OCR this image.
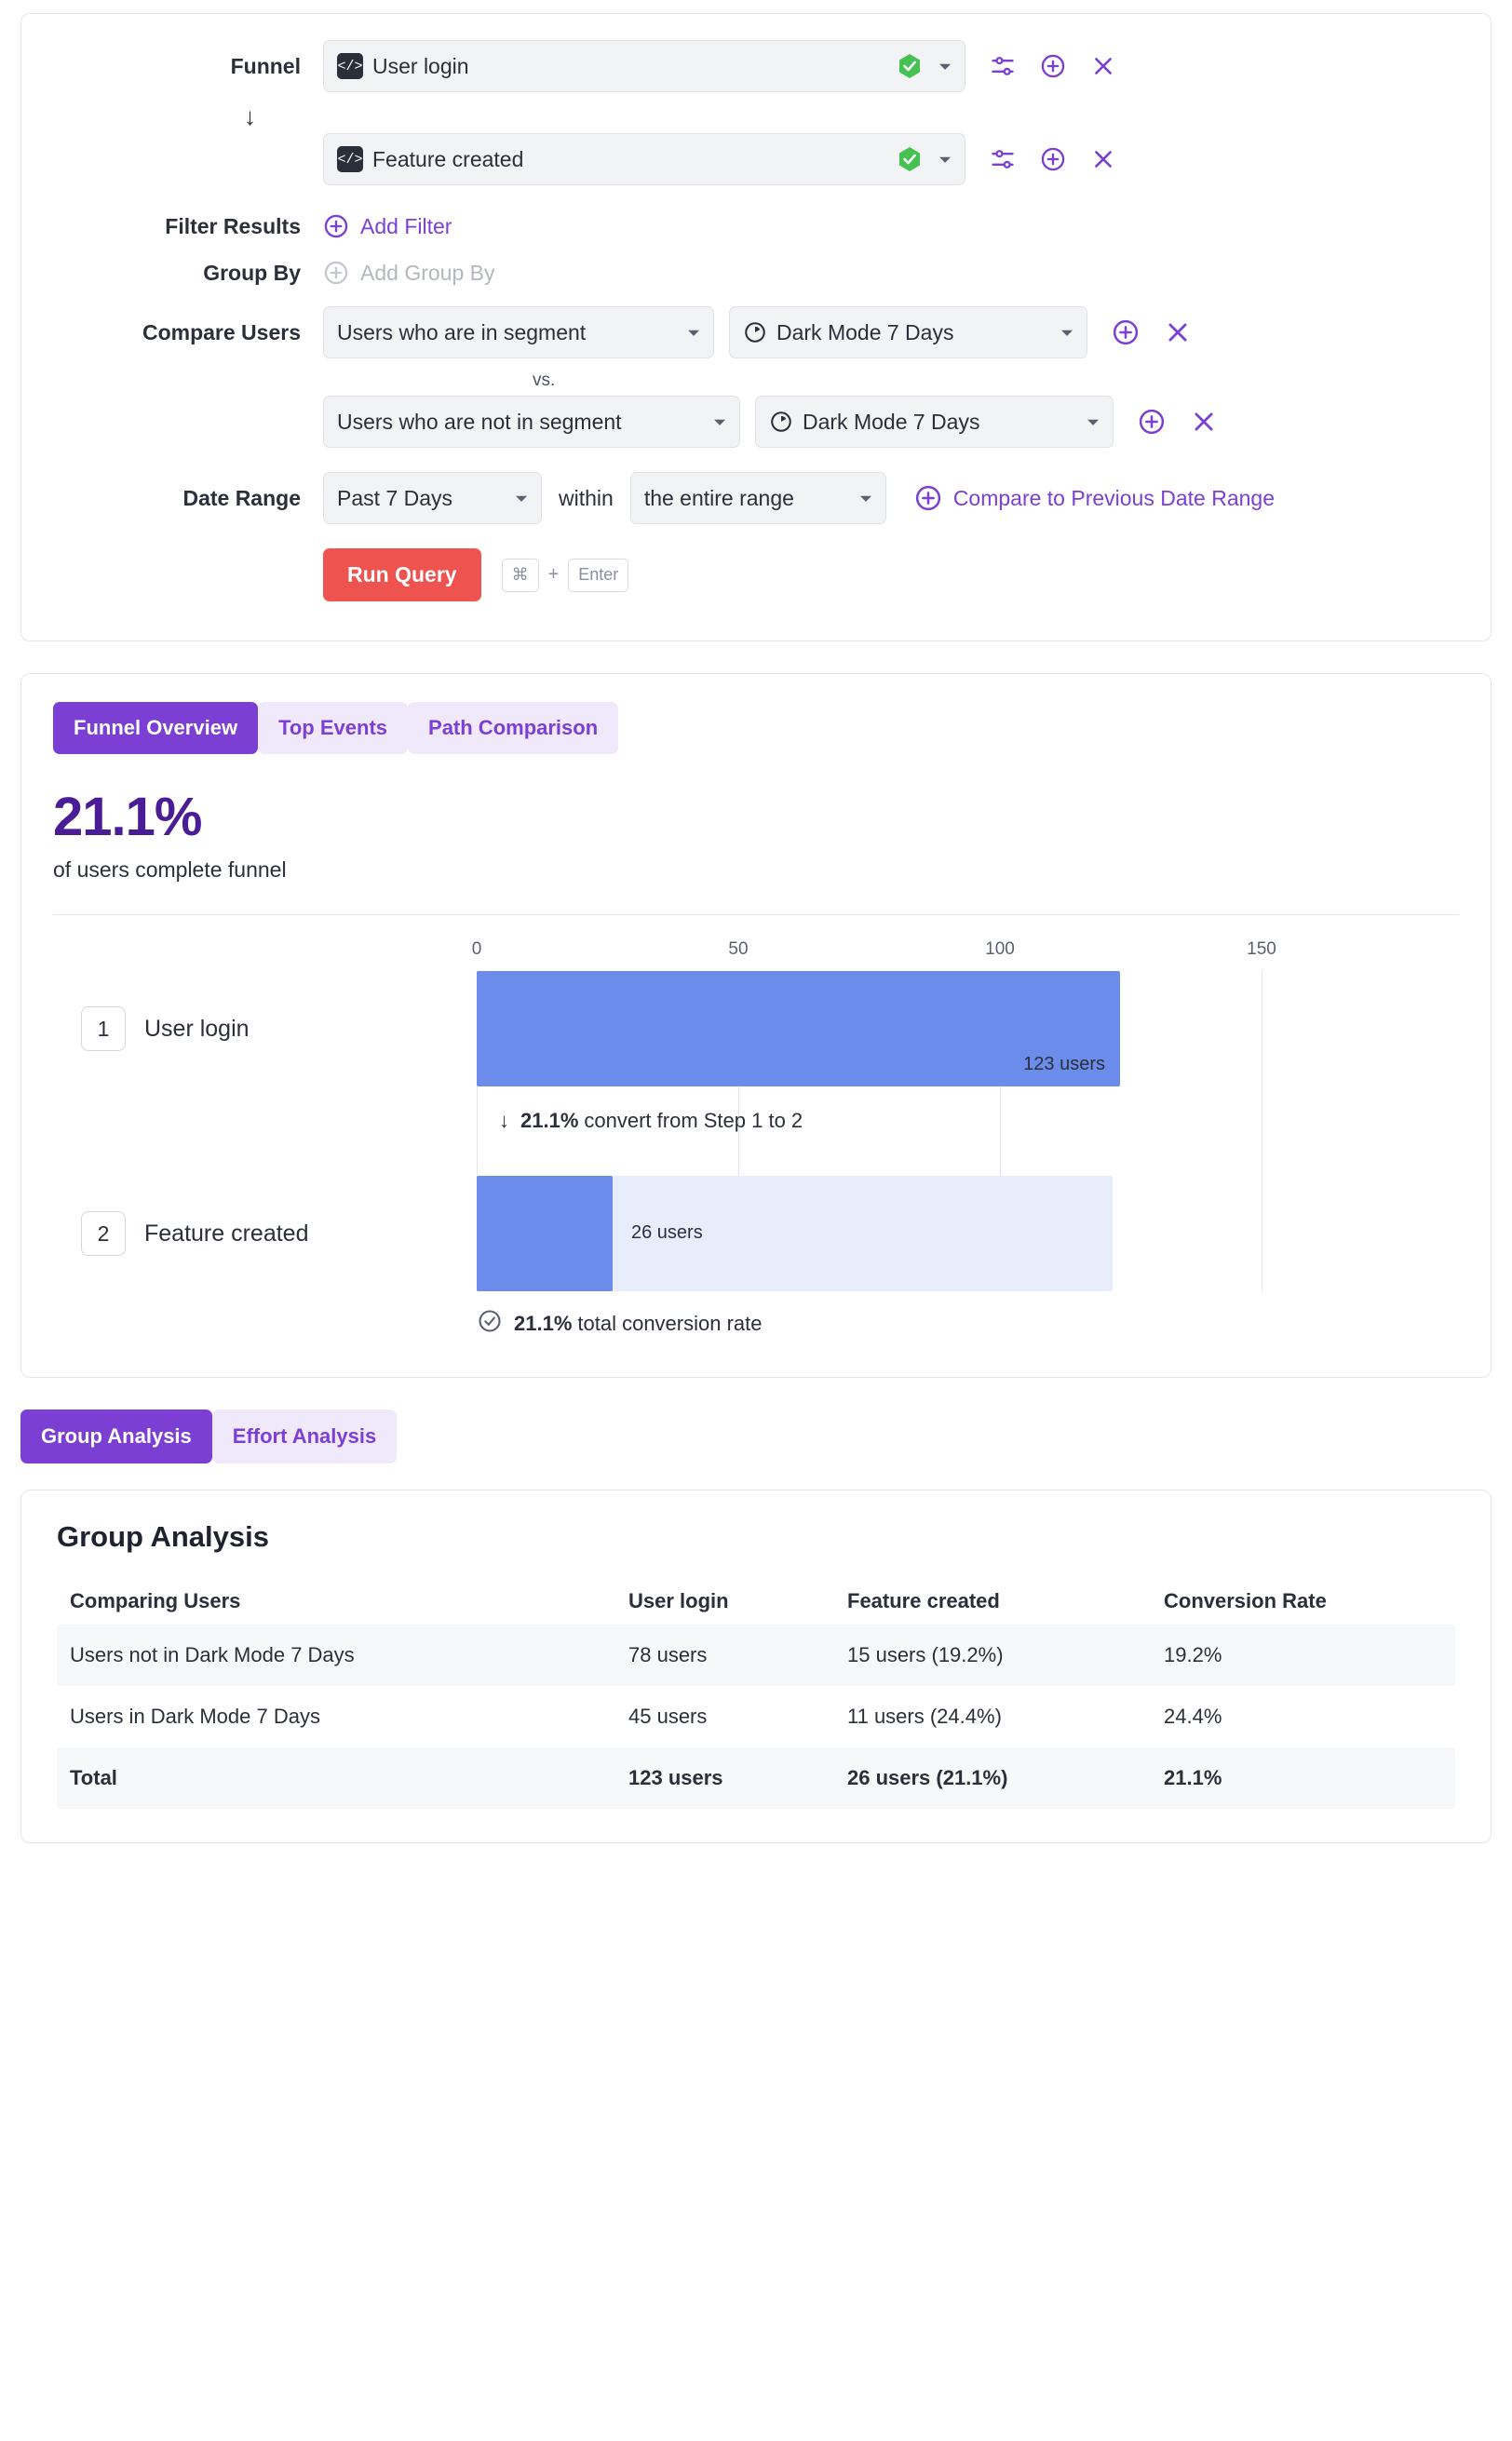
Funnel	</> User login	⏷
↓
</> Feature created	⏷
Filter Results	Add Filter
Group By	Add Group By
Compare Users	Users who are in segment	⏷	Dark Mode 7 Days	⏷
vs.
Users who are not in segment	⏷	Dark Mode 7 Days	⏷
Date Range	Past 7 Days	⏷ within the entire range	⏷	Compare to Previous Date Range
Run Query	⌘	+	Enter
Funnel Overview	Top Events	Path Comparison
21.1%
of users complete funnel
0	50	100	150
1	User login
123 users
↓ 21.1% convert from Step 1 to 2
2	Feature created	26 users
21.1% total conversion rate
Group Analysis	Effort Analysis
Group Analysis
Comparing Users	User login	Feature created	Conversion Rate
Users not in Dark Mode 7 Days	78 users	15 users (19.2%)	19.2%
Users in Dark Mode 7 Days	45 users	11 users (24.4%)	24.4%
Total	123 users	26 users (21.1%)	21.1%
